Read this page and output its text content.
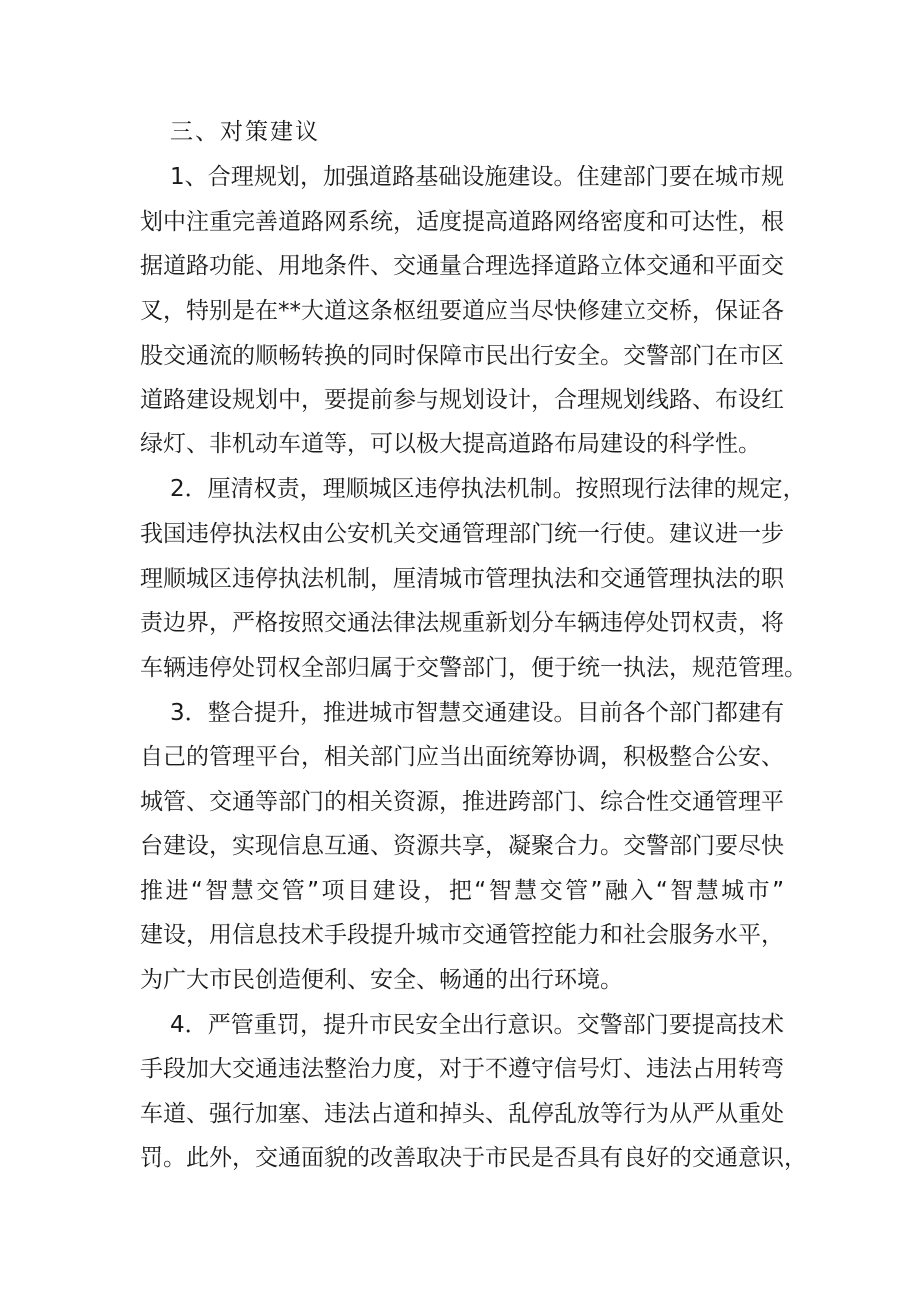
三、对策建议

1、合理规划，加强道路基础设施建设。住建部门要在城市规

划中注重完善道路网系统，适度提高道路网络密度和可达性，根

据道路功能、用地条件、交通量合理选择道路立体交通和平面交

叉，特别是在**大道这条枢纽要道应当尽快修建立交桥，保证各

股交通流的顺畅转换的同时保障市民出行安全。交警部门在市区

道路建设规划中，要提前参与规划设计，合理规划线路、布设红

绿灯、非机动车道等，可以极大提高道路布局建设的科学性。

2．厘清权责，理顺城区违停执法机制。按照现行法律的规定，

我国违停执法权由公安机关交通管理部门统一行使。建议进一步

理顺城区违停执法机制，厘清城市管理执法和交通管理执法的职

责边界，严格按照交通法律法规重新划分车辆违停处罚权责，将

车辆违停处罚权全部归属于交警部门，便于统一执法，规范管理。

3．整合提升，推进城市智慧交通建设。目前各个部门都建有

自己的管理平台，相关部门应当出面统筹协调，积极整合公安、

城管、交通等部门的相关资源，推进跨部门、综合性交通管理平

台建设，实现信息互通、资源共享，凝聚合力。交警部门要尽快

推进“智慧交管”项目建设，把“智慧交管”融入“智慧城市”

建设，用信息技术手段提升城市交通管控能力和社会服务水平，

为广大市民创造便利、安全、畅通的出行环境。

4．严管重罚，提升市民安全出行意识。交警部门要提高技术

手段加大交通违法整治力度，对于不遵守信号灯、违法占用转弯

车道、强行加塞、违法占道和掉头、乱停乱放等行为从严从重处

罚。此外，交通面貌的改善取决于市民是否具有良好的交通意识，
